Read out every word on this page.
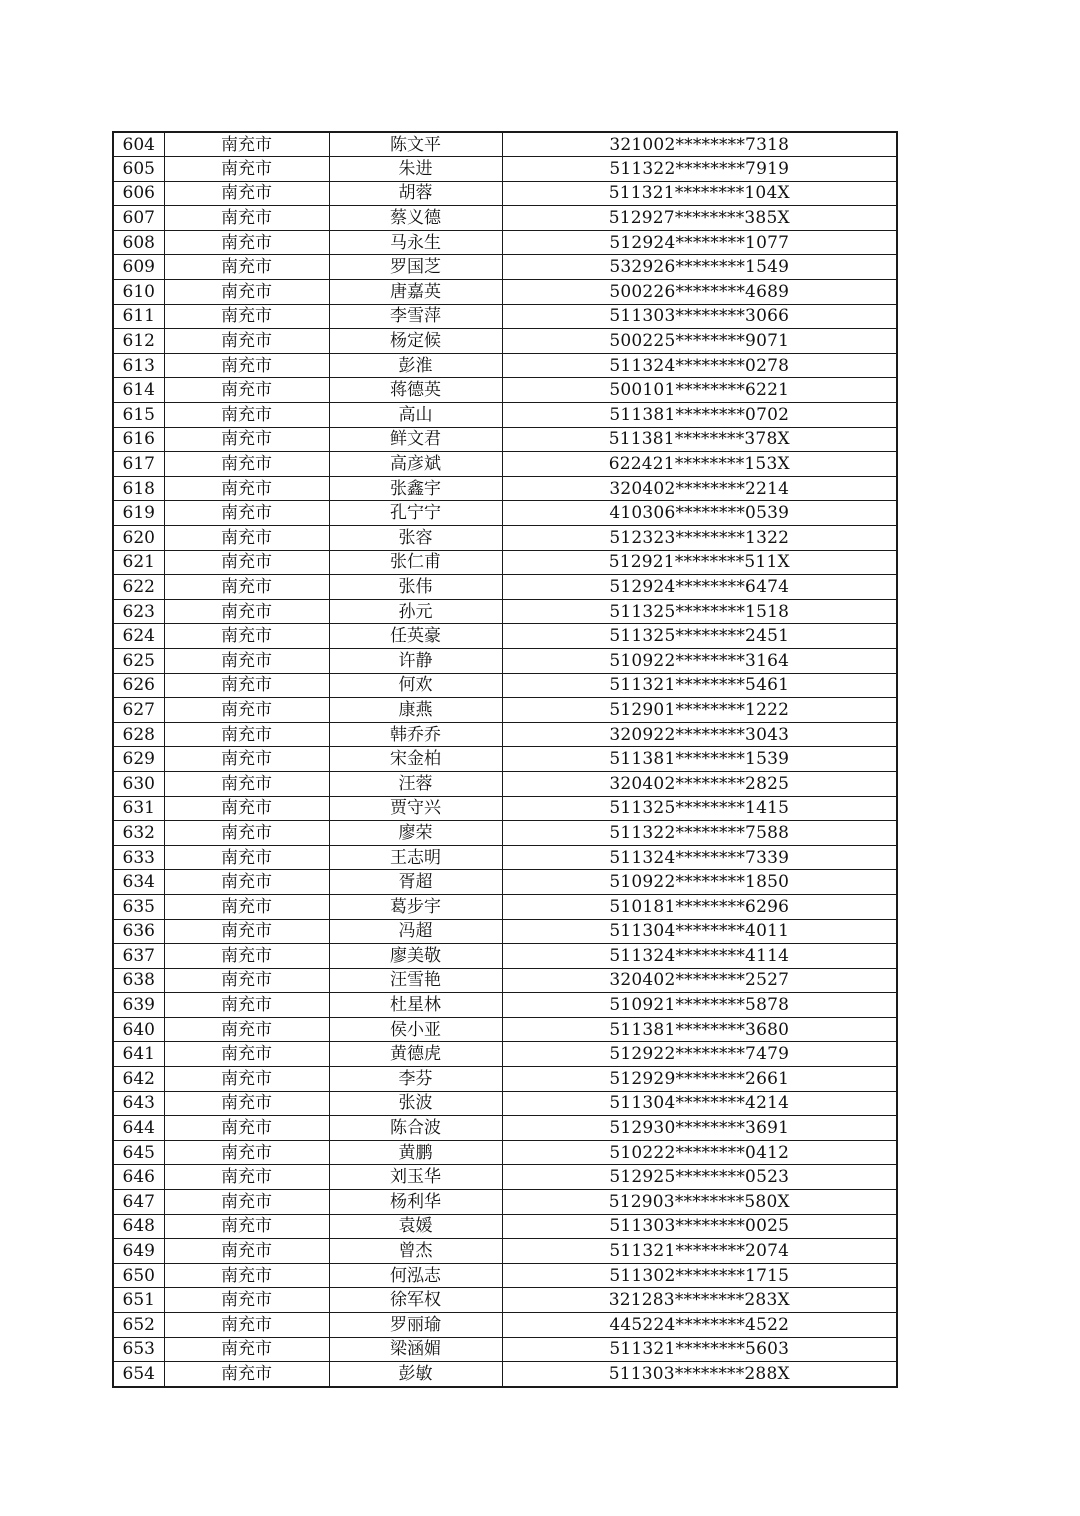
604	南充市	陈文平	321002********7318
605	南充市	朱进	511322********7919
606	南充市	胡蓉	511321********104X
607	南充市	蔡义德	512927********385X
608	南充市	马永生	512924********1077
609	南充市	罗国芝	532926********1549
610	南充市	唐嘉英	500226********4689
611	南充市	李雪萍	511303********3066
612	南充市	杨定候	500225********9071
613	南充市	彭淮	511324********0278
614	南充市	蒋德英	500101********6221
615	南充市	高山	511381********0702
616	南充市	鲜文君	511381********378X
617	南充市	高彦斌	622421********153X
618	南充市	张鑫宇	320402********2214
619	南充市	孔宁宁	410306********0539
620	南充市	张容	512323********1322
621	南充市	张仁甫	512921********511X
622	南充市	张伟	512924********6474
623	南充市	孙元	511325********1518
624	南充市	任英豪	511325********2451
625	南充市	许静	510922********3164
626	南充市	何欢	511321********5461
627	南充市	康燕	512901********1222
628	南充市	韩乔乔	320922********3043
629	南充市	宋金柏	511381********1539
630	南充市	汪蓉	320402********2825
631	南充市	贾守兴	511325********1415
632	南充市	廖荣	511322********7588
633	南充市	王志明	511324********7339
634	南充市	胥超	510922********1850
635	南充市	葛步宇	510181********6296
636	南充市	冯超	511304********4011
637	南充市	廖美敬	511324********4114
638	南充市	汪雪艳	320402********2527
639	南充市	杜星林	510921********5878
640	南充市	侯小亚	511381********3680
641	南充市	黄德虎	512922********7479
642	南充市	李芬	512929********2661
643	南充市	张波	511304********4214
644	南充市	陈合波	512930********3691
645	南充市	黄鹏	510222********0412
646	南充市	刘玉华	512925********0523
647	南充市	杨利华	512903********580X
648	南充市	袁媛	511303********0025
649	南充市	曾杰	511321********2074
650	南充市	何泓志	511302********1715
651	南充市	徐军权	321283********283X
652	南充市	罗丽瑜	445224********4522
653	南充市	梁涵媚	511321********5603
654	南充市	彭敏	511303********288X
